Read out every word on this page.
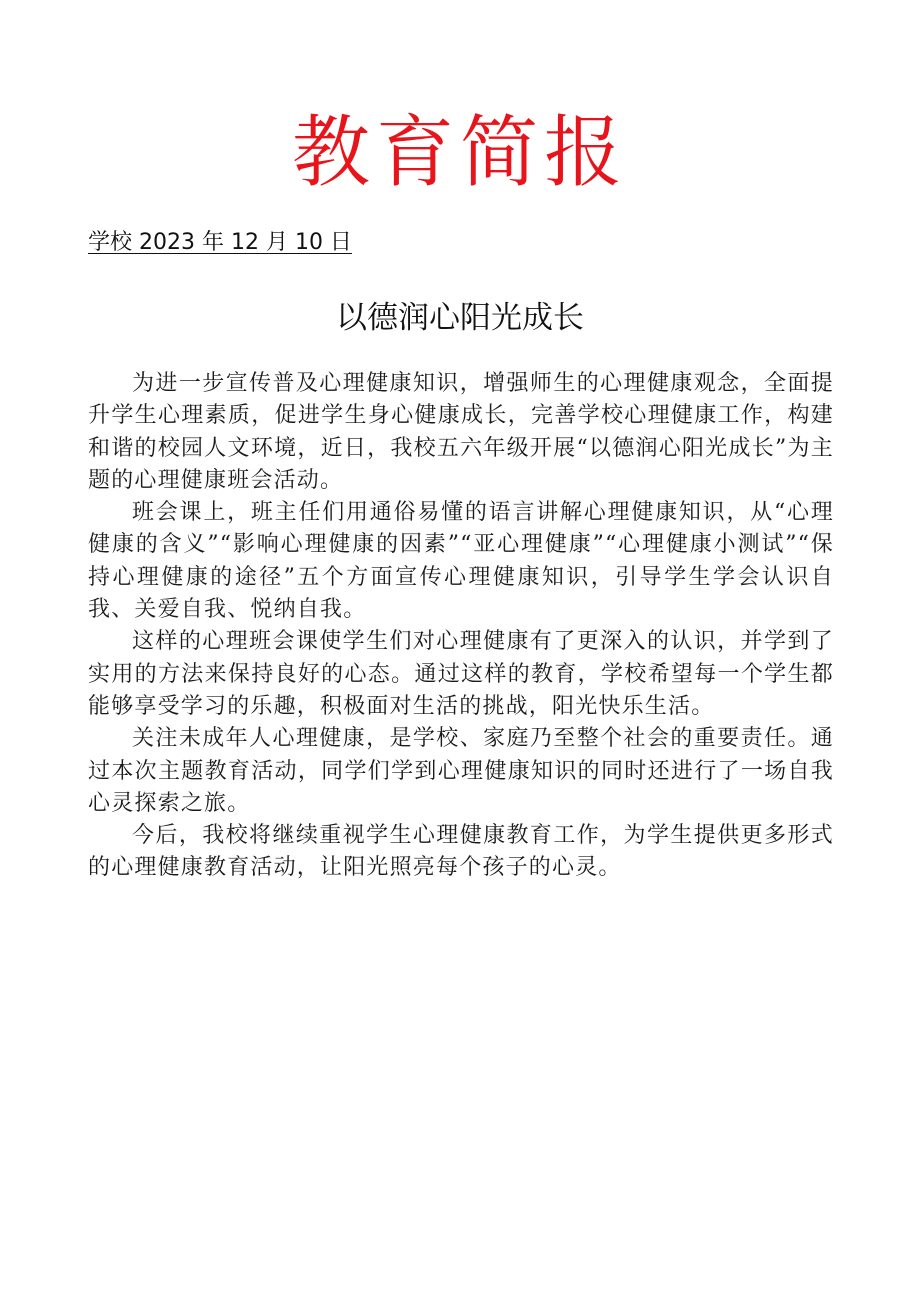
教育简报
学校 2023 年 12 月 10 日
以德润心阳光成长

为进一步宣传普及心理健康知识，增强师生的心理健康观念，全面提升学生心理素质，促进学生身心健康成长，完善学校心理健康工作，构建和谐的校园人文环境，近日，我校五六年级开展“以德润心阳光成长”为主题的心理健康班会活动。

班会课上，班主任们用通俗易懂的语言讲解心理健康知识，从“心理健康的含义”“影响心理健康的因素”“亚心理健康”“心理健康小测试”“保持心理健康的途径”五个方面宣传心理健康知识，引导学生学会认识自我、关爱自我、悦纳自我。

这样的心理班会课使学生们对心理健康有了更深入的认识，并学到了实用的方法来保持良好的心态。通过这样的教育，学校希望每一个学生都能够享受学习的乐趣，积极面对生活的挑战，阳光快乐生活。

关注未成年人心理健康，是学校、家庭乃至整个社会的重要责任。通过本次主题教育活动，同学们学到心理健康知识的同时还进行了一场自我心灵探索之旅。

今后，我校将继续重视学生心理健康教育工作，为学生提供更多形式的心理健康教育活动，让阳光照亮每个孩子的心灵。
